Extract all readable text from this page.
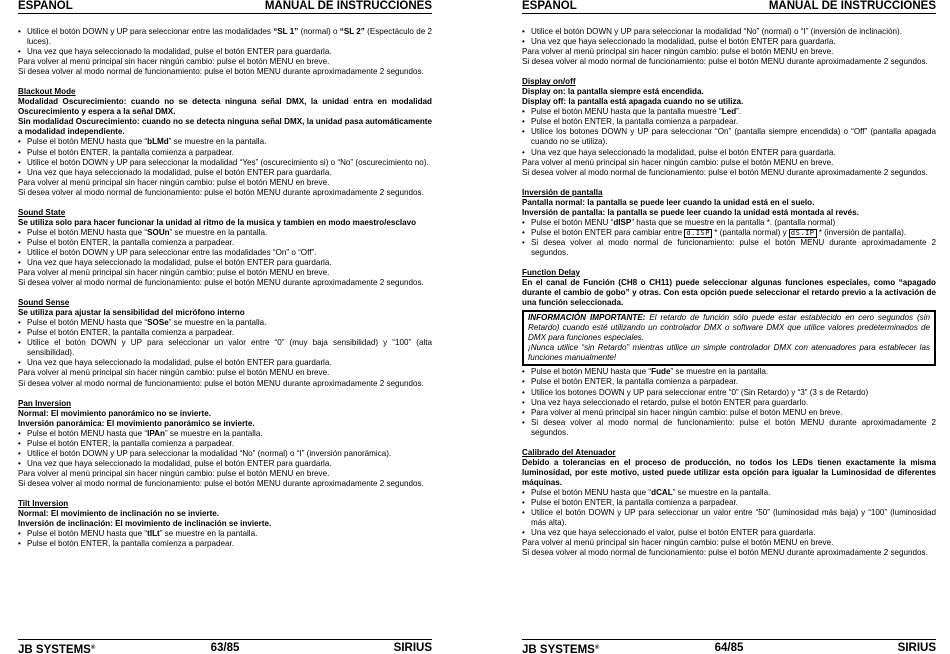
ESPAÑOL	MANUAL DE INSTRUCCIONES
• Utilice el botón DOWN y UP para seleccionar entre las modalidades “SL 1” (normal) o “SL 2” (Espectáculo de 2 luces).
• Una vez que haya seleccionado la modalidad, pulse el botón ENTER para guardarla.
Para volver al menú principal sin hacer ningún cambio: pulse el botón MENU en breve.
Si desea volver al modo normal de funcionamiento: pulse el botón MENU durante aproximadamente 2 segundos.
Blackout Mode
Modalidad Oscurecimiento: cuando no se detecta ninguna señal DMX, la unidad entra en modalidad Oscurecimiento y espera a la señal DMX.
Sin modalidad Oscurecimiento: cuando no se detecta ninguna señal DMX, la unidad pasa automáticamente a modalidad independiente.
• Pulse el botón MENU hasta que “bLMd” se muestre en la pantalla.
• Pulse el botón ENTER, la pantalla comienza a parpadear.
• Utilice el botón DOWN y UP para seleccionar la modalidad “Yes” (oscurecimiento si) o “No” (oscurecimiento no).
• Una vez que haya seleccionado la modalidad, pulse el botón ENTER para guardarla.
Para volver al menú principal sin hacer ningún cambio: pulse el botón MENU en breve.
Si desea volver al modo normal de funcionamiento: pulse el botón MENU durante aproximadamente 2 segundos.
Sound State
Se utiliza solo para hacer funcionar la unidad al ritmo de la musica y tambien en modo maestro/esclavo
• Pulse el botón MENU hasta que “SOUn” se muestre en la pantalla.
• Pulse el botón ENTER, la pantalla comienza a parpadear.
• Utilice el botón DOWN y UP para seleccionar entre las modalidades “On” o “Off”.
• Una vez que haya seleccionado la modalidad, pulse el botón ENTER para guardarla.
Para volver al menú principal sin hacer ningún cambio: pulse el botón MENU en breve.
Si desea volver al modo normal de funcionamiento: pulse el botón MENU durante aproximadamente 2 segundos.
Sound Sense
Se utiliza para ajustar la sensibilidad del micrófono interno
• Pulse el botón MENU hasta que “SOSe” se muestre en la pantalla.
• Pulse el botón ENTER, la pantalla comienza a parpadear.
• Utilice el botón DOWN y UP para seleccionar un valor entre “0” (muy baja sensibilidad) y “100” (alta sensibilidad).
• Una vez que haya seleccionado la modalidad, pulse el botón ENTER para guardarla.
Para volver al menú principal sin hacer ningún cambio: pulse el botón MENU en breve.
Si desea volver al modo normal de funcionamiento: pulse el botón MENU durante aproximadamente 2 segundos.
Pan Inversion
Normal: El movimiento panorámico no se invierte.
Inversión panorámica: El movimiento panorámico se invierte.
• Pulse el botón MENU hasta que “IPAn” se muestre en la pantalla.
• Pulse el botón ENTER, la pantalla comienza a parpadear.
• Utilice el botón DOWN y UP para seleccionar la modalidad “No” (normal) o “I” (inversión panorámica).
• Una vez que haya seleccionado la modalidad, pulse el botón ENTER para guardarla.
Para volver al menú principal sin hacer ningún cambio: pulse el botón MENU en breve.
Si desea volver al modo normal de funcionamiento: pulse el botón MENU durante aproximadamente 2 segundos.
Tilt Inversion
Normal: El movimiento de inclinación no se invierte.
Inversión de inclinación: El movimiento de inclinación se invierte.
• Pulse el botón MENU hasta que “tILt” se muestre en la pantalla.
• Pulse el botón ENTER, la pantalla comienza a parpadear.
JB SYSTEMS®	63/85	SIRIUS
ESPAÑOL	MANUAL DE INSTRUCCIONES
• Utilice el botón DOWN y UP para seleccionar la modalidad “No” (normal) o “I” (inversión de inclinación).
• Una vez que haya seleccionado la modalidad, pulse el botón ENTER para guardarla.
Para volver al menú principal sin hacer ningún cambio: pulse el botón MENU en breve.
Si desea volver al modo normal de funcionamiento: pulse el botón MENU durante aproximadamente 2 segundos.
Display on/off
Display on: la pantalla siempre está encendida.
Display off: la pantalla está apagada cuando no se utiliza.
• Pulse el botón MENU hasta que la pantalla muestre “Led”.
• Pulse el botón ENTER, la pantalla comienza a parpadear.
• Utilice los botones DOWN y UP para seleccionar “On” (pantalla siempre encendida) o “Off” (pantalla apagada cuando no se utiliza).
• Una vez que haya seleccionado la modalidad, pulse el botón ENTER para guardarla.
Para volver al menú principal sin hacer ningún cambio: pulse el botón MENU en breve.
Si desea volver al modo normal de funcionamiento: pulse el botón MENU durante aproximadamente 2 segundos.
Inversión de pantalla
Pantalla normal: la pantalla se puede leer cuando la unidad está en el suelo.
Inversión de pantalla: la pantalla se puede leer cuando la unidad está montada al revés.
• Pulse el botón MENU “dISP” hasta que se muestre en la pantalla *. (pantalla normal)
• Pulse el botón ENTER para cambiar entre d.ISP * (pantalla normal) y dS.IP * (inversión de pantalla).
• Si desea volver al modo normal de funcionamiento: pulse el botón MENU durante aproximadamente 2 segundos.
Function Delay
En el canal de Función (CH8 o CH11) puede seleccionar algunas funciones especiales, como “apagado durante el cambio de gobo” y otras. Con esta opción puede seleccionar el retardo previo a la activación de una función seleccionada.
INFORMACIÓN IMPORTANTE: El retardo de función sólo puede estar establecido en cero segundos (sin Retardo) cuando esté utilizando un controlador DMX o software DMX que utilice valores predeterminados de DMX para funciones especiales.
¡Nunca utilice “sin Retardo” mientras utilice un simple controlador DMX con atenuadores para establecer las funciones manualmente!
• Pulse el botón MENU hasta que “Fude” se muestre en la pantalla.
• Pulse el botón ENTER, la pantalla comienza a parpadear.
• Utilice los botones DOWN y UP para seleccionar entre “0” (Sin Retardo) y “3” (3 s de Retardo)
• Una vez haya seleccionado el retardo, pulse el botón ENTER para guardarlo.
• Para volver al menú principal sin hacer ningún cambio: pulse el botón MENU en breve.
• Si desea volver al modo normal de funcionamiento: pulse el botón MENU durante aproximadamente 2 segundos.
Calibrado del Atenuador
Debido a tolerancias en el proceso de producción, no todos los LEDs tienen exactamente la misma luminosidad, por este motivo, usted puede utilizar esta opción para igualar la Luminosidad de diferentes máquinas.
• Pulse el botón MENU hasta que “dCAL” se muestre en la pantalla.
• Pulse el botón ENTER, la pantalla comienza a parpadear.
• Utilice el botón DOWN y UP para seleccionar un valor entre “50” (luminosidad más baja) y “100” (luminosidad más alta).
• Una vez que haya seleccionado el valor, pulse el botón ENTER para guardarla.
Para volver al menú principal sin hacer ningún cambio: pulse el botón MENU en breve.
Si desea volver al modo normal de funcionamiento: pulse el botón MENU durante aproximadamente 2 segundos.
JB SYSTEMS®	64/85	SIRIUS
